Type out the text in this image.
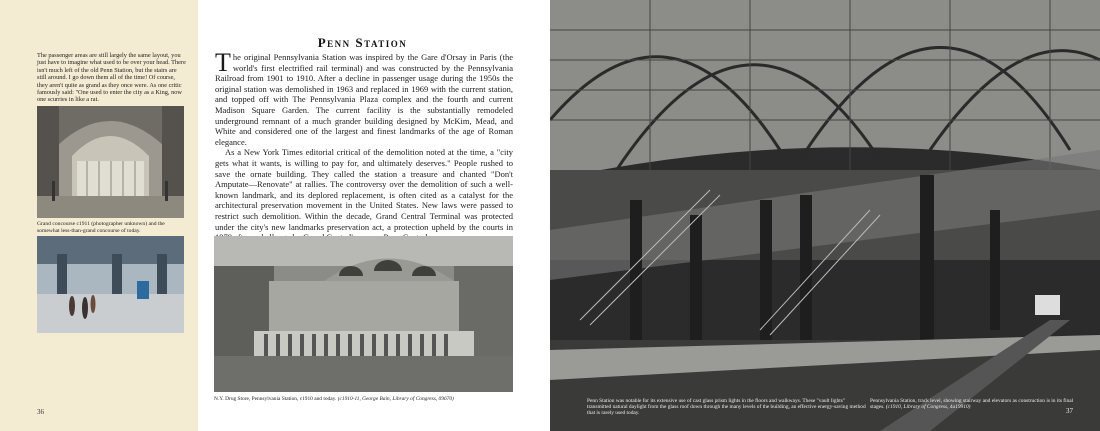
The passenger areas are still largely the same layout, you just have to imagine what used to be over your head. There isn't much left of the old Penn Station, but the stairs are still around. I go down them all of the time! Of course, they aren't quite as grand as they once were. As one critic famously said: "One used to enter the city as a King, now one scurries in like a rat.
Grand concourse c1911 (photographer unknown) and the somewhat less-than-grand concourse of today.
36
Penn Station

The original Pennsylvania Station was inspired by the Gare d'Orsay in Paris (the world's first electrified rail terminal) and was constructed by the Pennsylvania Railroad from 1901 to 1910. After a decline in passenger usage during the 1950s the original station was demolished in 1963 and replaced in 1969 with the current station, and topped off with The Pennsylvania Plaza complex and the fourth and current Madison Square Garden. The current facility is the substantially remodeled underground remnant of a much grander building designed by McKim, Mead, and White and considered one of the largest and finest landmarks of the age of Roman elegance.

As a New York Times editorial critical of the demolition noted at the time, a "city gets what it wants, is willing to pay for, and ultimately deserves." People rushed to save the ornate building. They called the station a treasure and chanted "Don't Amputate—Renovate" at rallies. The controversy over the demolition of such a well-known landmark, and its deplored replacement, is often cited as a catalyst for the architectural preservation movement in the United States. New laws were passed to restrict such demolition. Within the decade, Grand Central Terminal was protected under the city's new landmarks preservation act, a protection upheld by the courts in

N.Y. Drug Store, Pennsylvania Station, c1910 and today. (c1910-11, George Bain, Library of Congress, 09670)	Penn Station was notable for its extensive use of cast glass prism lights in the floors and walkways. These "vault lights" transmitted natural daylight from the glass roof down through the many levels of the building, an effective energy-saving method that is rarely used today.
Pennsylvania Station, track level, showing stairway and elevators as construction is in its final stages. (c1910, Library of Congress, 4a19910)	37
